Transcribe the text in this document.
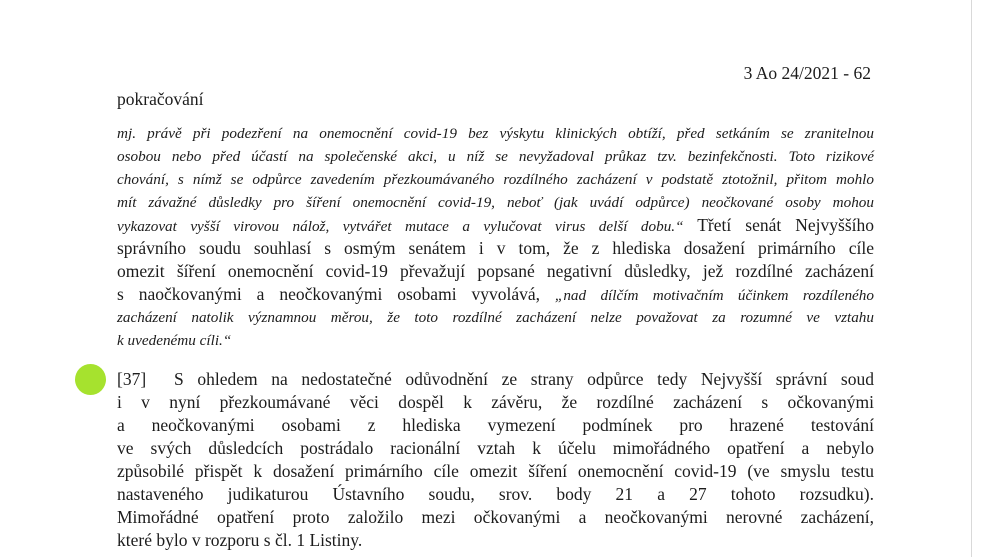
3 Ao 24/2021 - 62
pokračování
mj. právě při podezření na onemocnění covid-19 bez výskytu klinických obtíží, před setkáním se zranitelnou
osobou nebo před účastí na společenské akci, u níž se nevyžadoval průkaz tzv. bezinfekčnosti. Toto rizikové
chování, s nímž se odpůrce zavedením přezkoumávaného rozdílného zacházení v podstatě ztotožnil, přitom mohlo
mít závažné důsledky pro šíření onemocnění covid-19, neboť (jak uvádí odpůrce) neočkované osoby mohou
vykazovat vyšší virovou nálož, vytvářet mutace a vylučovat virus delší dobu.“ Třetí senát Nejvyššího
správního soudu souhlasí s osmým senátem i v tom, že z hlediska dosažení primárního cíle
omezit šíření onemocnění covid-19 převažují popsané negativní důsledky, jež rozdílné zacházení
s naočkovanými a neočkovanými osobami vyvolává, „nad dílčím motivačním účinkem rozdíleného
zacházení natolik významnou měrou, že toto rozdílné zacházení nelze považovat za rozumné ve vztahu
k uvedenému cíli.“
[37] S ohledem na nedostatečné odůvodnění ze strany odpůrce tedy Nejvyšší správní soud
i v nyní přezkoumávané věci dospěl k závěru, že rozdílné zacházení s očkovanými
a neočkovanými osobami z hlediska vymezení podmínek pro hrazené testování
ve svých důsledcích postrádalo racionální vztah k účelu mimořádného opatření a nebylo
způsobilé přispět k dosažení primárního cíle omezit šíření onemocnění covid-19 (ve smyslu testu
nastaveného judikaturou Ústavního soudu, srov. body 21 a 27 tohoto rozsudku).
Mimořádné opatření proto založilo mezi očkovanými a neočkovanými nerovné zacházení,
které bylo v rozporu s čl. 1 Listiny.
